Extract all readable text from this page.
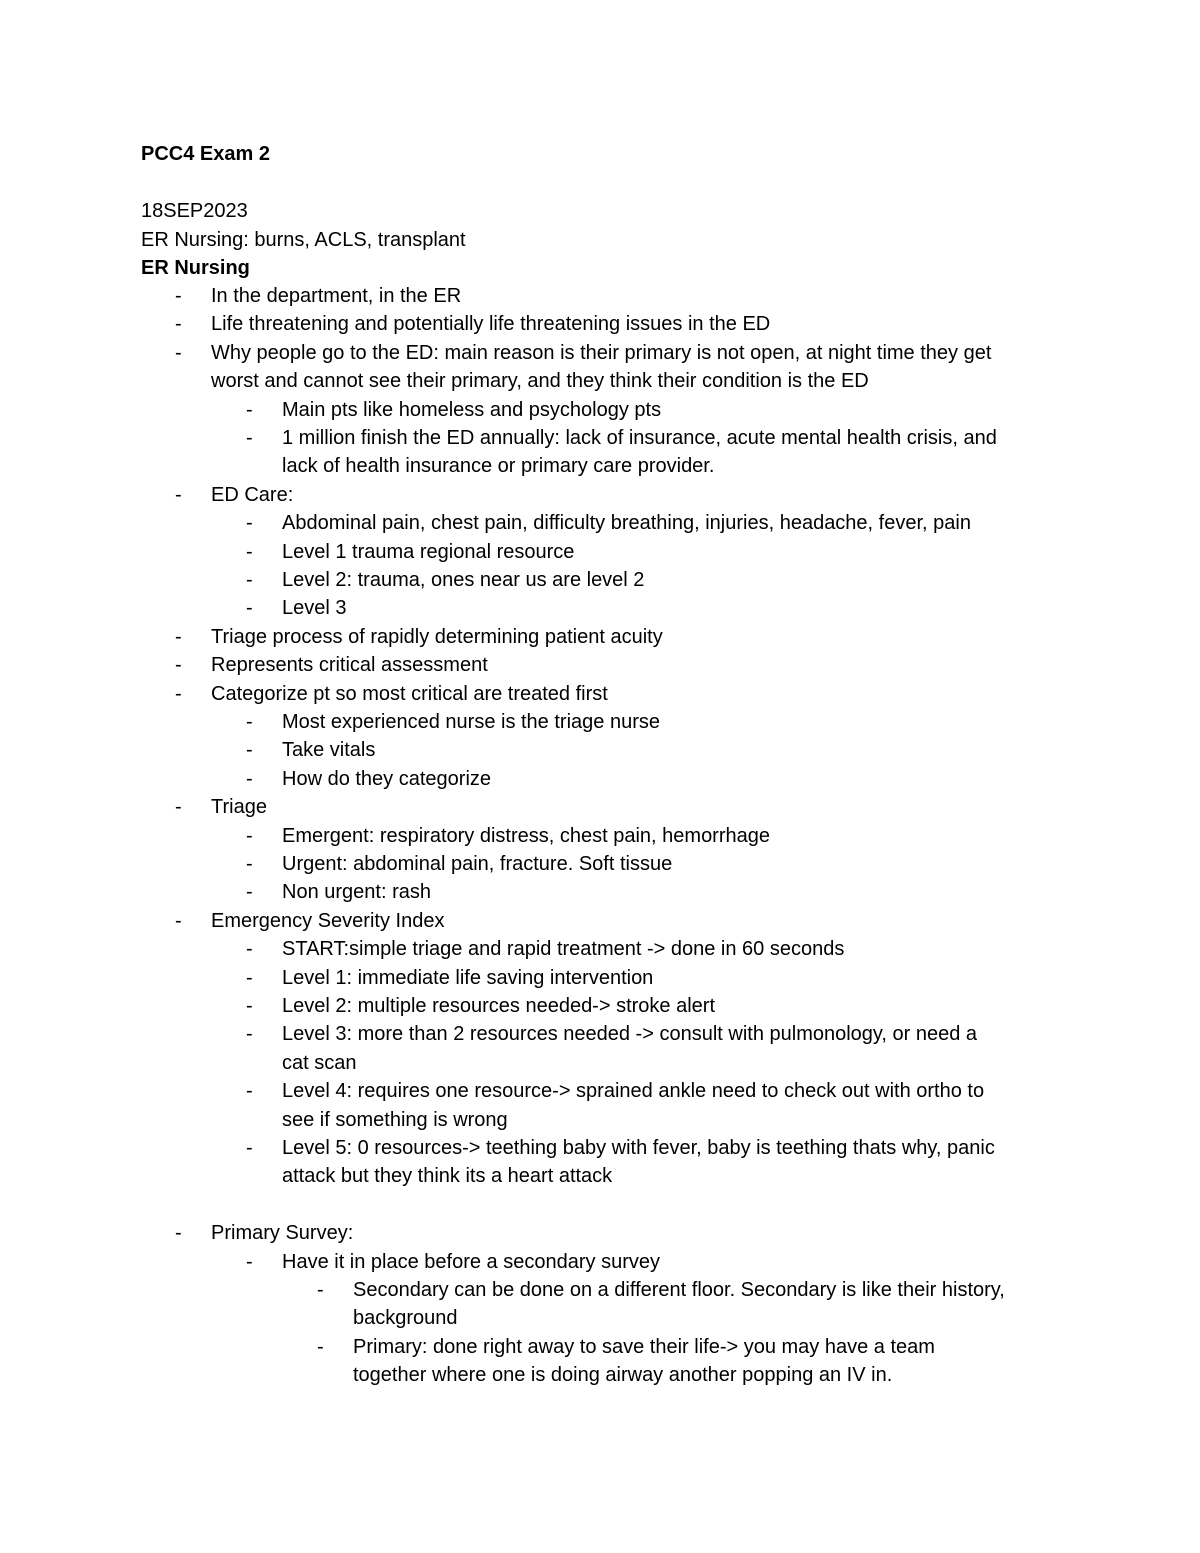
PCC4 Exam 2
18SEP2023
ER Nursing: burns, ACLS, transplant
ER Nursing
- In the department, in the ER
- Life threatening and potentially life threatening issues in the ED
- Why people go to the ED: main reason is their primary is not open, at night time they get
worst and cannot see their primary, and they think their condition is the ED
- Main pts like homeless and psychology pts
- 1 million finish the ED annually: lack of insurance, acute mental health crisis, and
lack of health insurance or primary care provider.
- ED Care:
- Abdominal pain, chest pain, difficulty breathing, injuries, headache, fever, pain
- Level 1 trauma regional resource
- Level 2: trauma, ones near us are level 2
- Level 3
- Triage process of rapidly determining patient acuity
- Represents critical assessment
- Categorize pt so most critical are treated first
- Most experienced nurse is the triage nurse
- Take vitals
- How do they categorize
- Triage
- Emergent: respiratory distress, chest pain, hemorrhage
- Urgent: abdominal pain, fracture. Soft tissue
- Non urgent: rash
- Emergency Severity Index
- START:simple triage and rapid treatment -> done in 60 seconds
- Level 1: immediate life saving intervention
- Level 2: multiple resources needed-> stroke alert
- Level 3: more than 2 resources needed -> consult with pulmonology, or need a
cat scan
- Level 4: requires one resource-> sprained ankle need to check out with ortho to
see if something is wrong
- Level 5: 0 resources-> teething baby with fever, baby is teething thats why, panic
attack but they think its a heart attack
- Primary Survey:
- Have it in place before a secondary survey
- Secondary can be done on a different floor. Secondary is like their history,
background
- Primary: done right away to save their life-> you may have a team
together where one is doing airway another popping an IV in.
